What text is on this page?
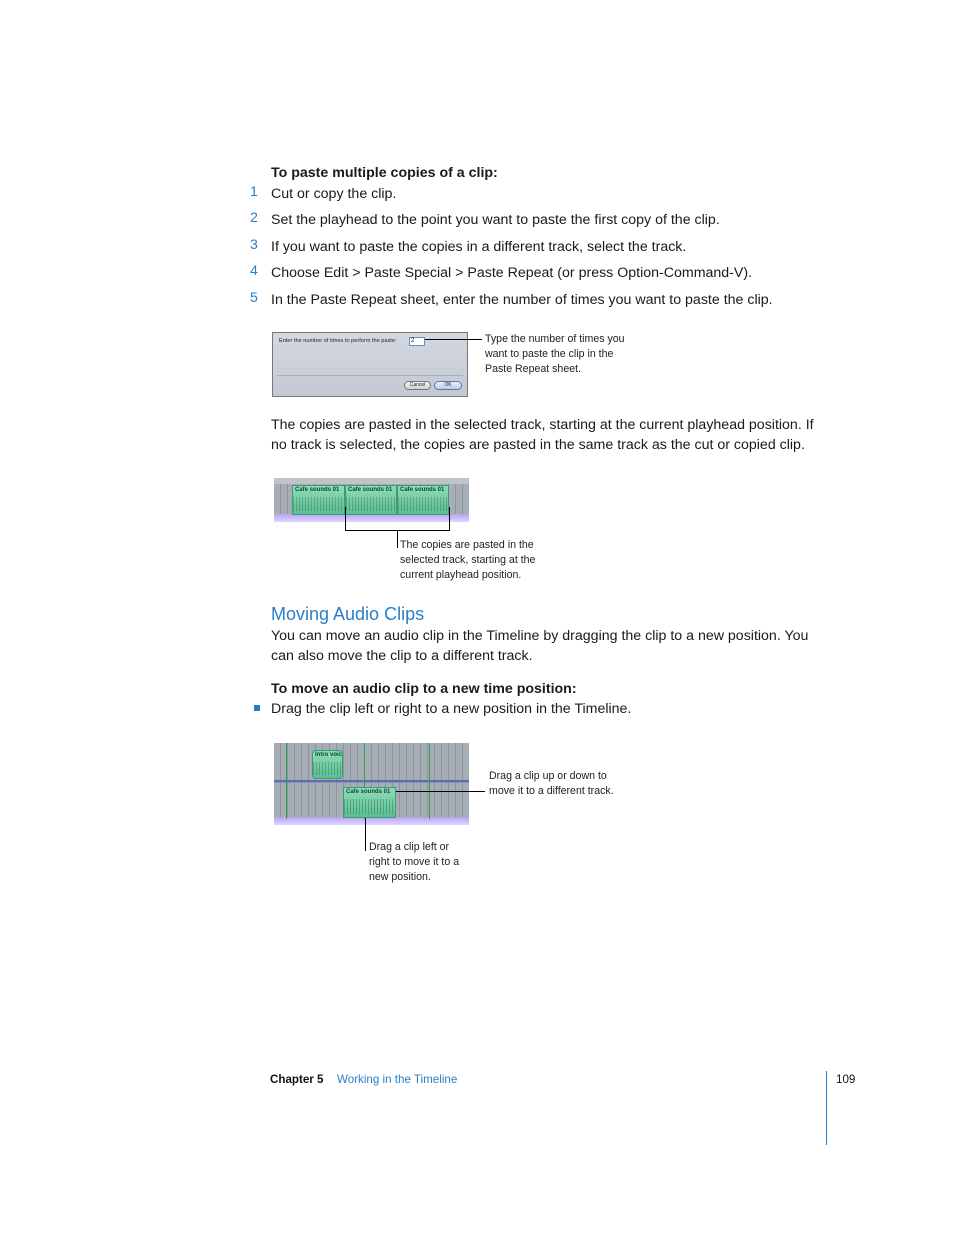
To paste multiple copies of a clip:
1 Cut or copy the clip.
2 Set the playhead to the point you want to paste the first copy of the clip.
3 If you want to paste the copies in a different track, select the track.
4 Choose Edit > Paste Special > Paste Repeat (or press Option-Command-V).
5 In the Paste Repeat sheet, enter the number of times you want to paste the clip.
Enter the number of times to perform the paste:	2
Cancel	OK
Type the number of times you
want to paste the clip in the
Paste Repeat sheet.
The copies are pasted in the selected track, starting at the current playhead position. If
no track is selected, the copies are pasted in the same track as the cut or copied clip.
Cafe sounds 01	Cafe sounds 01	Cafe sounds 01
The copies are pasted in the
selected track, starting at the
current playhead position.
Moving Audio Clips
You can move an audio clip in the Timeline by dragging the clip to a new position. You
can also move the clip to a different track.
To move an audio clip to a new time position:
Drag the clip left or right to a new position in the Timeline.
Intro voic
Cafe sounds 01
Drag a clip up or down to
move it to a different track.
Drag a clip left or
right to move it to a
new position.
Chapter 5 Working in the Timeline	109
